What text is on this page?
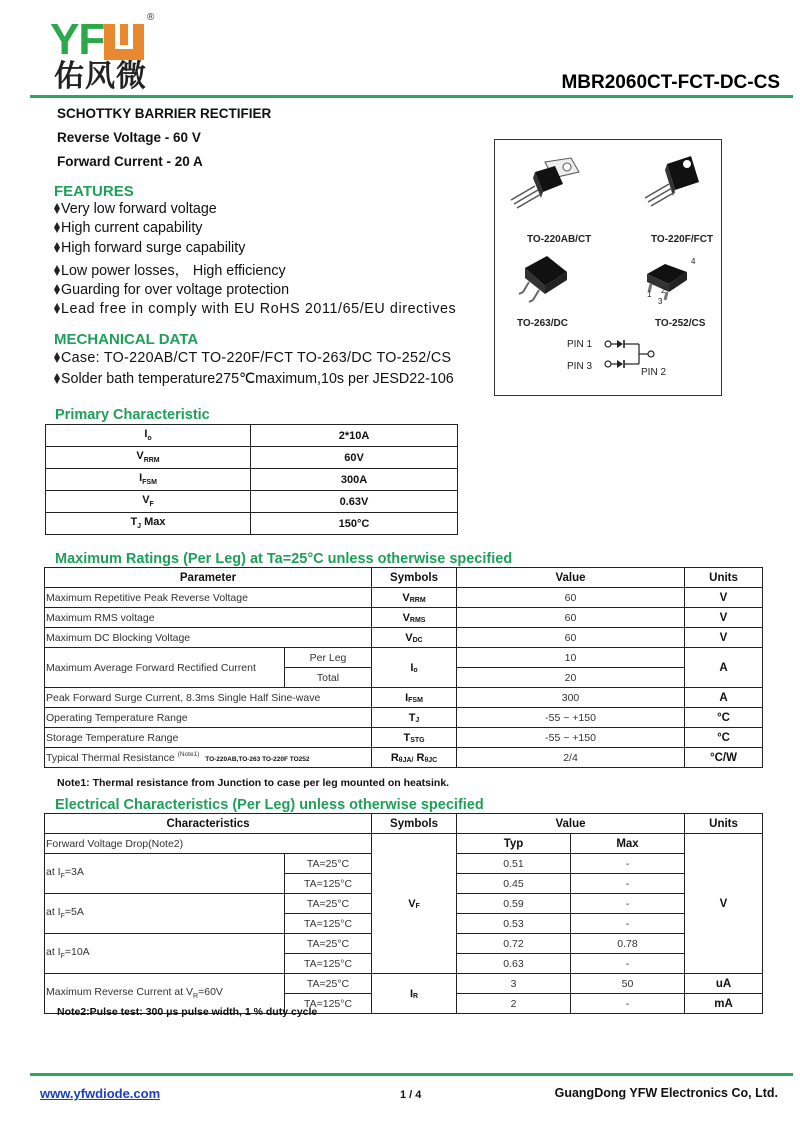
YF	®
佑风微	MBR2060CT-FCT-DC-CS
SCHOTTKY BARRIER RECTIFIER
Reverse Voltage - 60 V
Forward Current - 20 A
FEATURES
Very low forward voltage
High current capability
High forward surge capability
Low power losses， High efficiency
Guarding for over voltage protection
Lead free in comply with EU RoHS 2011/65/EU directives
MECHANICAL DATA
Case: TO-220AB/CT TO-220F/FCT TO-263/DC TO-252/CS
Solder bath temperature275℃maximum,10s per JESD22-106
TO-220AB/CT	TO-220F/FCT
4
1 2
3
TO-263/DC	TO-252/CS
PIN 1
PIN 3
PIN 2
Primary Characteristic
$I_o$	2*10A
$V_{RRM}$	60V
$I_{FSM}$	300A
$V_F$	0.63V
$T_J$ Max	150°C
Maximum Ratings (Per Leg) at Ta=25°C unless otherwise specified
Parameter		Symbols	Value	Units
Maximum Repetitive Peak Reverse Voltage		$V_{RRM}$	60	V
Maximum RMS voltage		$V_{RMS}$	60	V
Maximum DC Blocking Voltage		$V_{DC}$	60	V
Maximum Average Forward Rectified Current	Per Leg	$I_o$	10	A
	Total		20	
Peak Forward Surge Current, 8.3ms Single Half Sine-wave		$I_{FSM}$	300	A
Operating Temperature Range		$T_J$	-55 ~ +150	°C
Storage Temperature Range		$T_{STG}$	-55 ~ +150	°C
Typical Thermal Resistance $^{(Note1)}$  TO-220AB,TO-263 TO-220F TO252		$R_{\theta JA/}$ $R_{\theta JC}$	2/4	°C/W
Note1: Thermal resistance from Junction to case per leg mounted on heatsink.
Electrical Characteristics (Per Leg) unless otherwise specified
Characteristics		Symbols	Value		Units
Forward Voltage Drop(Note2)		$V_F$	Typ	Max	V
at $I_F=3A$	TA=25°C		0.51	-	
	TA=125°C		0.45	-	
at $I_F=5A$	TA=25°C		0.59	-	
	TA=125°C		0.53	-	
at $I_F=10A$	TA=25°C		0.72	0.78	
	TA=125°C		0.63	-	
Maximum Reverse Current at $V_R=60V$	TA=25°C	$I_R$	3	50	uA
	TA=125°C		2	-	mA
Note2:Pulse test: 300 μs pulse width, 1 % duty cycle
www.yfwdiode.com	1 / 4	GuangDong YFW Electronics Co, Ltd.
